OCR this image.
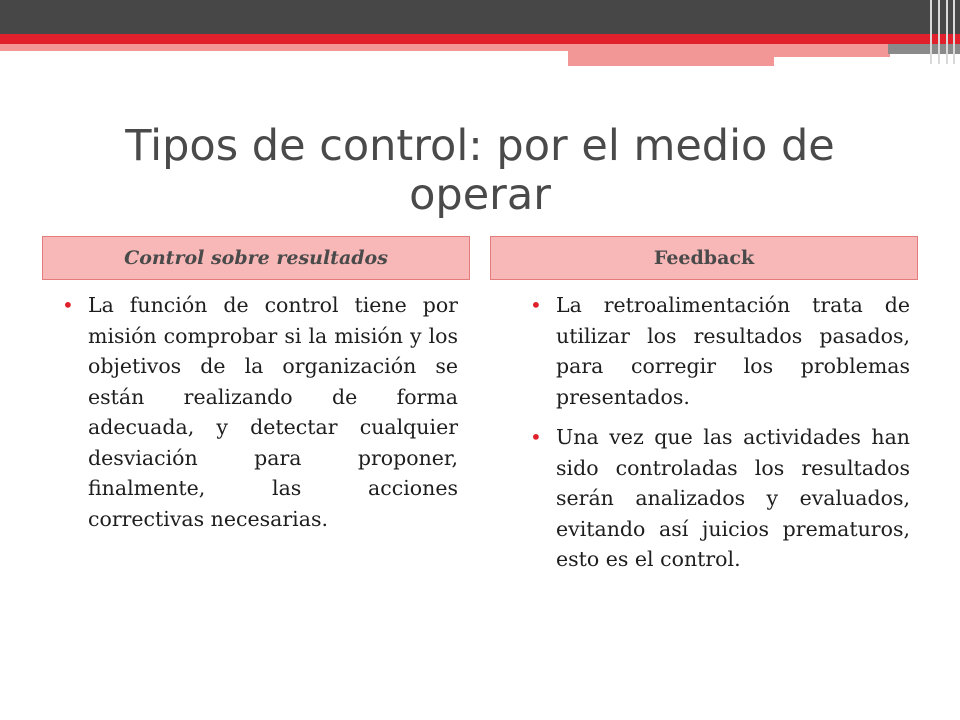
Tipos de control: por el medio de operar
Control sobre resultados	Feedback
• La función de control tiene por misión comprobar si la misión y los objetivos de la organización se están realizando de forma adecuada, y detectar cualquier desviación para proponer, finalmente, las acciones correctivas necesarias.
• La retroalimentación trata de utilizar los resultados pasados, para corregir los problemas presentados.
• Una vez que las actividades han sido controladas los resultados serán analizados y evaluados, evitando así juicios prematuros, esto es el control.
